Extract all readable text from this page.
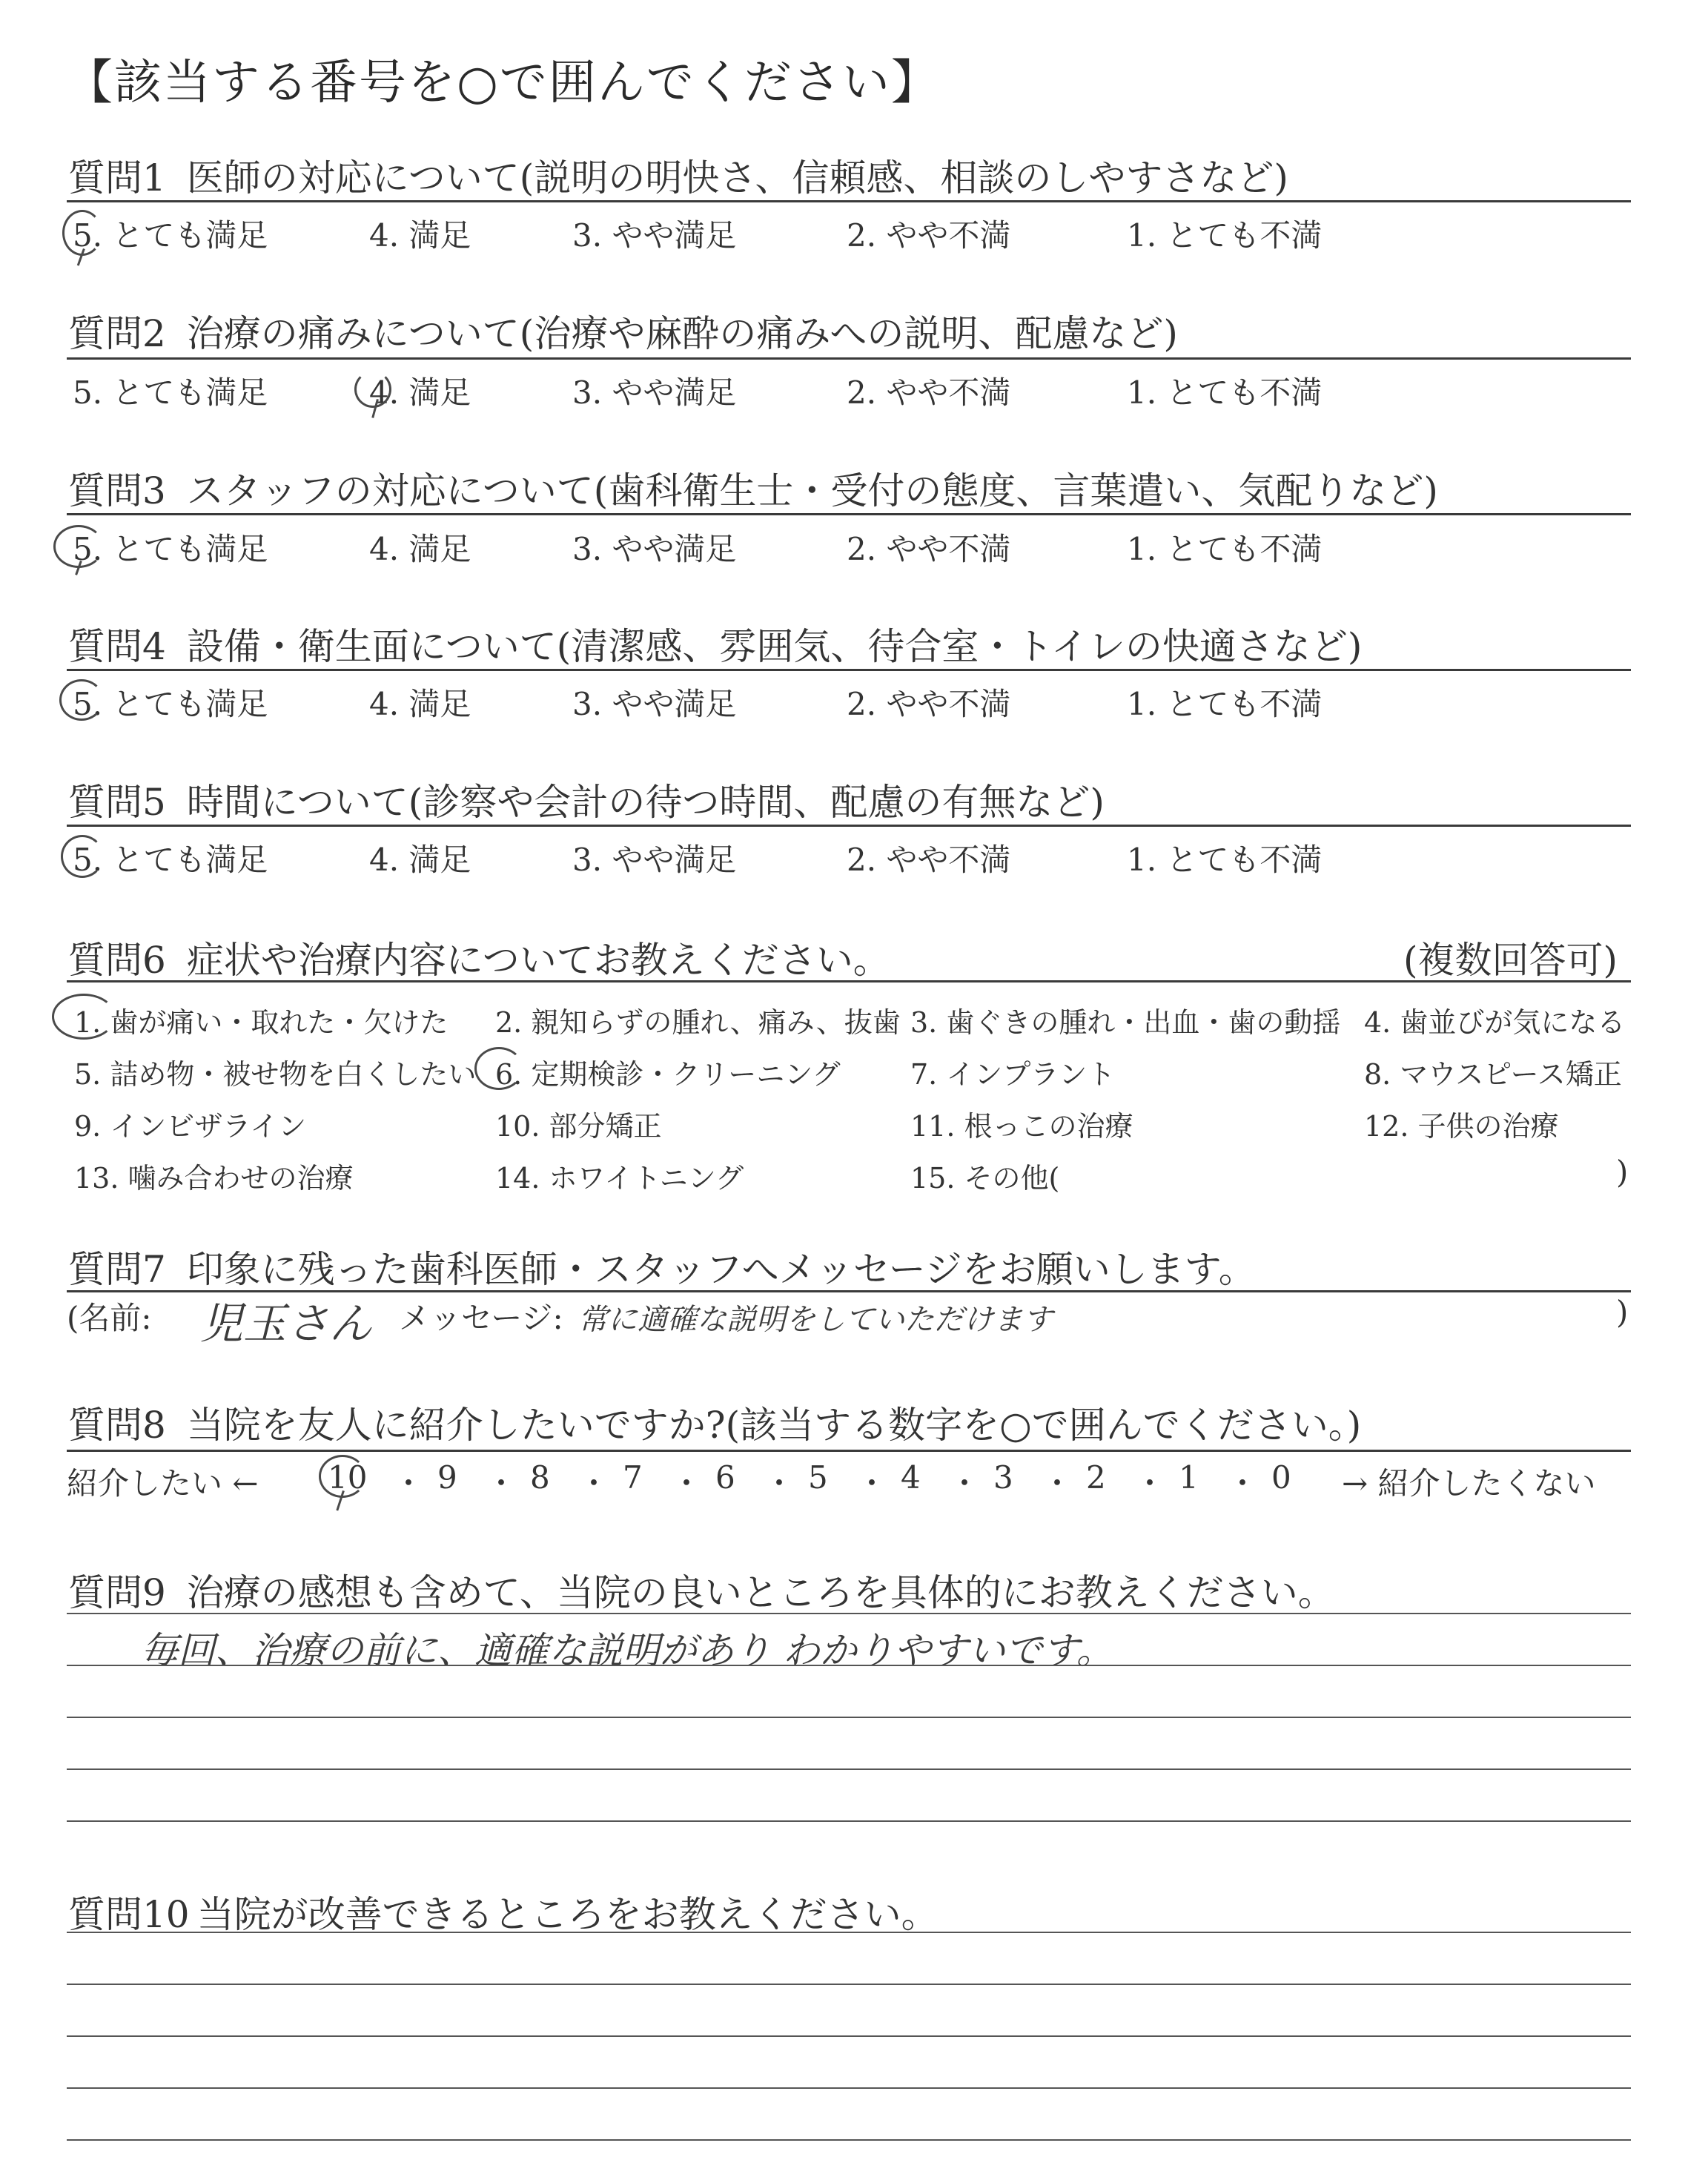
【該当する番号を○で囲んでください】
質問1 医師の対応について(説明の明快さ、信頼感、相談のしやすさなど)
5. とても満足	4. 満足	3. やや満足	2. やや不満	1. とても不満
質問2 治療の痛みについて(治療や麻酔の痛みへの説明、配慮など)
5. とても満足	4. 満足	3. やや満足	2. やや不満	1. とても不満
質問3 スタッフの対応について(歯科衛生士・受付の態度、言葉遣い、気配りなど)
5. とても満足	4. 満足	3. やや満足	2. やや不満	1. とても不満
質問4 設備・衛生面について(清潔感、雰囲気、待合室・トイレの快適さなど)
5. とても満足	4. 満足	3. やや満足	2. やや不満	1. とても不満
質問5 時間について(診察や会計の待つ時間、配慮の有無など)
5. とても満足	4. 満足	3. やや満足	2. やや不満	1. とても不満
質問6 症状や治療内容についてお教えください。	(複数回答可)
1. 歯が痛い・取れた・欠けた 2. 親知らずの腫れ、痛み、抜歯 3. 歯ぐきの腫れ・出血・歯の動揺 4. 歯並びが気になる
5. 詰め物・被せ物を白くしたい 6. 定期検診・クリーニング 7. インプラント	8. マウスピース矯正
9. インビザライン	10. 部分矯正	11. 根っこの治療	12. 子供の治療
13. 噛み合わせの治療	14. ホワイトニング	15. その他(	)
質問7 印象に残った歯科医師・スタッフへメッセージをお願いします。
(名前: 児玉さん メッセージ: 常に適確な説明をしていただけます	)
質問8 当院を友人に紹介したいですか?(該当する数字を○で囲んでください。)
紹介したい ← 10 ・ 9 ・ 8 ・ 7 ・ 6 ・ 5 ・ 4 ・ 3 ・ 2 ・ 1 ・ 0 → 紹介したくない
質問9 治療の感想も含めて、当院の良いところを具体的にお教えください。
毎回、治療の前に、適確な説明があり わかりやすいです。
質問10 当院が改善できるところをお教えください。
